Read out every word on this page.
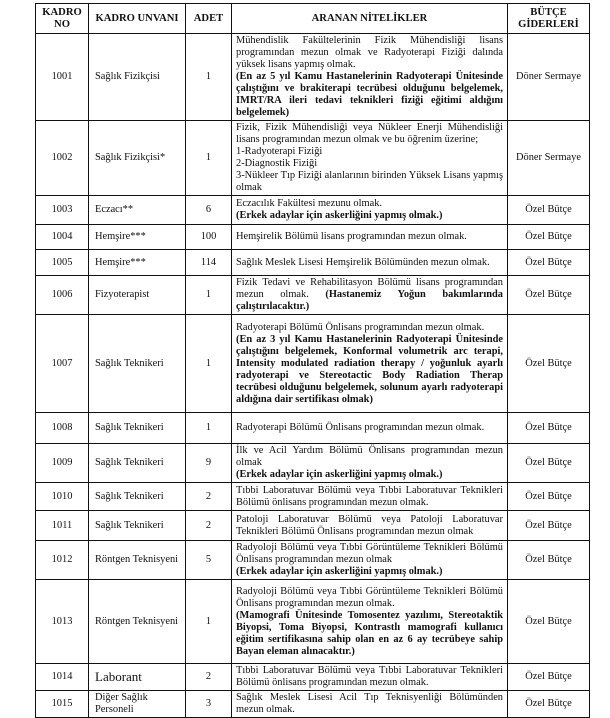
KADRO NO	KADRO UNVANI	ADET	ARANAN NİTELİKLER	BÜTÇE GİDERLERİ
1001	Sağlık Fizikçisi	1	Mühendislik Fakültelerinin Fizik Mühendisliği lisans programından mezun olmak ve Radyoterapi Fiziği dalında yüksek lisans yapmış olmak.
(En az 5 yıl Kamu Hastanelerinin Radyoterapi Ünitesinde çalıştığını ve brakiterapi tecrübesi olduğunu belgelemek, IMRT/RA ileri tedavi teknikleri fiziği eğitimi aldığını belgelemek)	Döner Sermaye
1002	Sağlık Fizikçisi*	1	Fizik, Fizik Mühendisliği veya Nükleer Enerji Mühendisliği lisans programından mezun olmak ve bu öğrenim üzerine;
1-Radyoterapi Fiziği
2-Diagnostik Fiziği
3-Nükleer Tıp Fiziği alanlarının birinden Yüksek Lisans yapmış olmak	Döner Sermaye
1003	Eczacı**	6	Eczacılık Fakültesi mezunu olmak.
(Erkek adaylar için askerliğini yapmış olmak.)	Özel Bütçe
1004	Hemşire***	100	Hemşirelik Bölümü lisans programından mezun olmak.	Özel Bütçe
1005	Hemşire***	114	Sağlık Meslek Lisesi Hemşirelik Bölümünden mezun olmak.	Özel Bütçe
1006	Fizyoterapist	1	Fizik Tedavi ve Rehabilitasyon Bölümü lisans programından mezun olmak. (Hastanemiz Yoğun bakımlarında çalıştırılacaktır.)	Özel Bütçe
1007	Sağlık Teknikeri	1	Radyoterapi Bölümü Önlisans programından mezun olmak.
(En az 3 yıl Kamu Hastanelerinin Radyoterapi Ünitesinde çalıştığını belgelemek, Konformal volumetrik arc terapi, Intensity modulated radiation therapy / yoğunluk ayarlı radyoterapi ve Stereotactic Body Radiation Therap tecrübesi olduğunu belgelemek, solunum ayarlı radyoterapi aldığına dair sertifikası olmak)	Özel Bütçe
1008	Sağlık Teknikeri	1	Radyoterapi Bölümü Önlisans programından mezun olmak.	Özel Bütçe
1009	Sağlık Teknikeri	9	İlk ve Acil Yardım Bölümü Önlisans programından mezun olmak
(Erkek adaylar için askerliğini yapmış olmak.)	Özel Bütçe
1010	Sağlık Teknikeri	2	Tıbbi Laboratuvar Bölümü veya Tıbbi Laboratuvar Teknikleri Bölümü önlisans programından mezun olmak.	Özel Bütçe
1011	Sağlık Teknikeri	2	Patoloji Laboratuvar Bölümü veya Patoloji Laboratuvar Teknikleri Bölümü Önlisans programından mezun olmak	Özel Bütçe
1012	Röntgen Teknisyeni	5	Radyoloji Bölümü veya Tıbbi Görüntüleme Teknikleri Bölümü Önlisans programından mezun olmak
(Erkek adaylar için askerliğini yapmış olmak.)	Özel Bütçe
1013	Röntgen Teknisyeni	1	Radyoloji Bölümü veya Tıbbi Görüntüleme Teknikleri Bölümü Önlisans programından mezun olmak.
(Mamografi Ünitesinde Tomosentez yazılımı, Stereotaktik Biyopsi, Toma Biyopsi, Kontrastlı mamografi kullanıcı eğitim sertifikasına sahip olan en az 6 ay tecrübeye sahip Bayan eleman alınacaktır.)	Özel Bütçe
1014	Laborant	2	Tıbbi Laboratuvar Bölümü veya Tıbbi Laboratuvar Teknikleri Bölümü önlisans programından mezun olmak.	Özel Bütçe
1015	Diğer Sağlık Personeli	3	Sağlık Meslek Lisesi Acil Tıp Teknisyenliği Bölümünden mezun olmak.	Özel Bütçe
